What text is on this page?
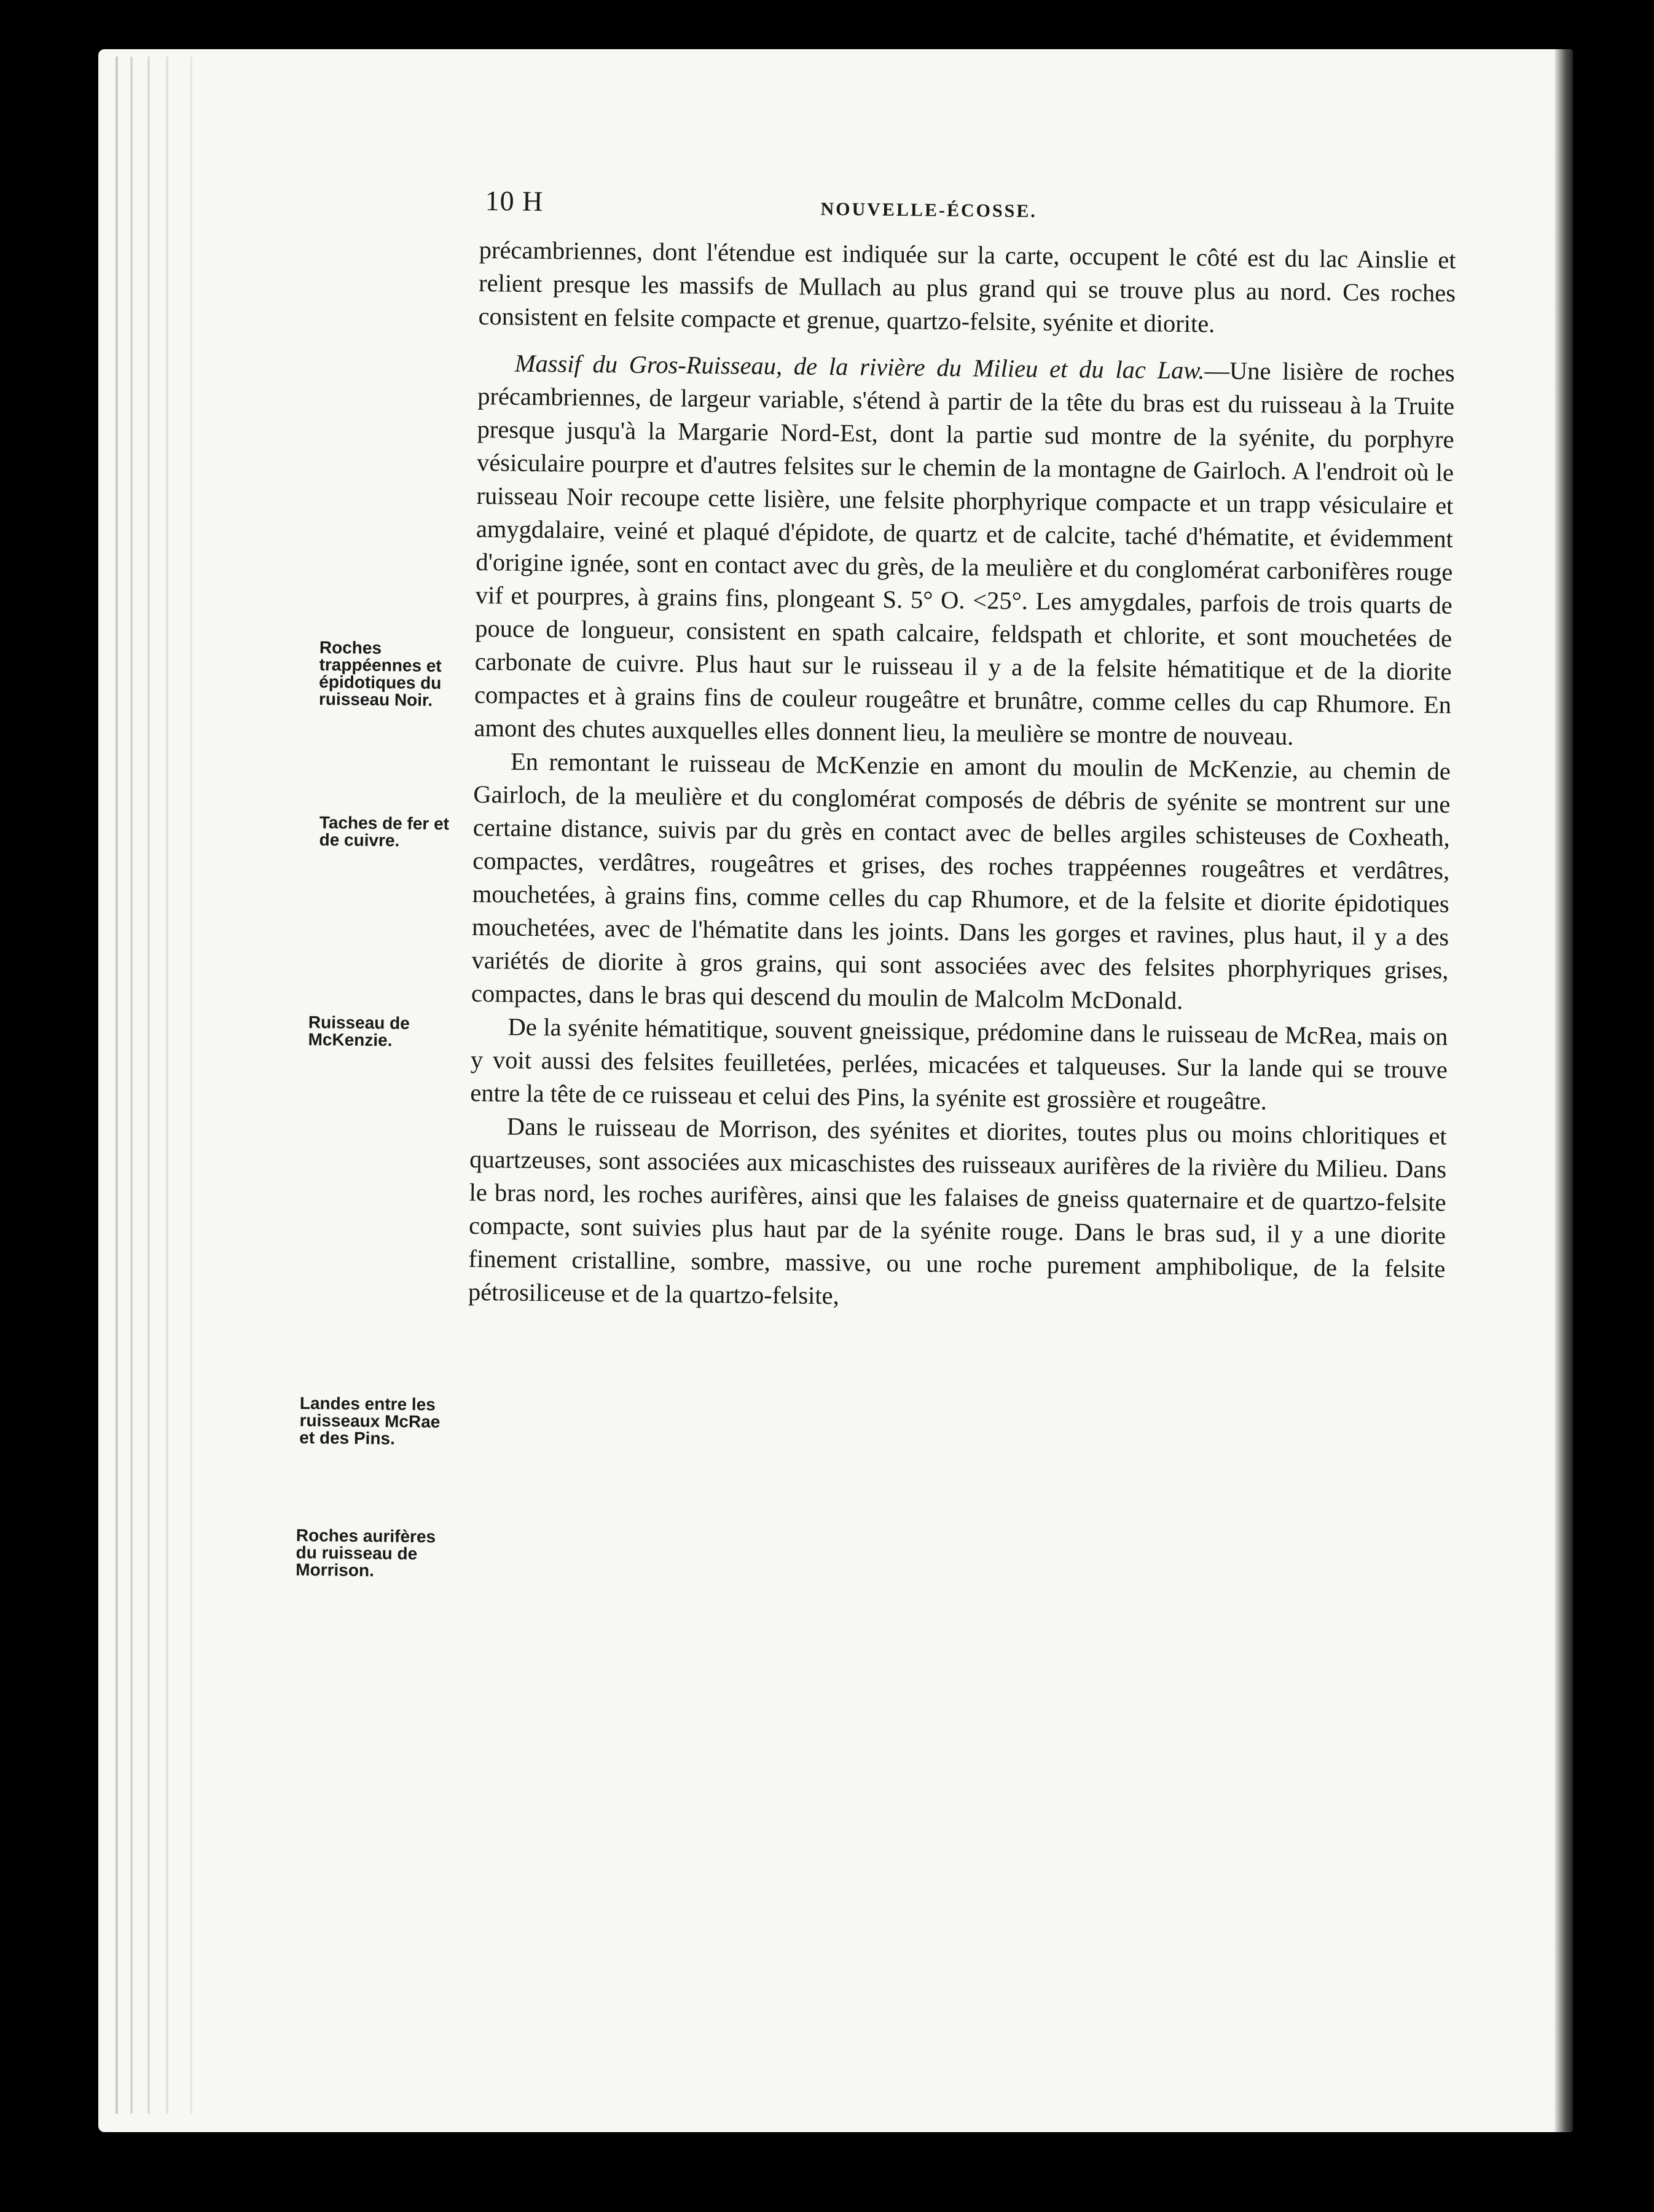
10 H	NOUVELLE-ÉCOSSE.

précambriennes, dont l'étendue est indiquée sur la carte, occupent le côté est du lac Ainslie et relient presque les massifs de Mullach au plus grand qui se trouve plus au nord. Ces roches consistent en felsite compacte et grenue, quartzo-felsite, syénite et diorite.

Massif du Gros-Ruisseau, de la rivière du Milieu et du lac Law.—Une lisière de roches précambriennes, de largeur variable, s'étend à partir de la tête du bras est du ruisseau à la Truite presque jusqu'à la Margarie Nord-Est, dont la partie sud montre de la syénite, du porphyre vésiculaire pourpre et d'autres felsites sur le chemin de la montagne de Gairloch. A l'endroit où le ruisseau Noir recoupe cette lisière, une felsite phorphyrique compacte et un trapp vésiculaire et amygdalaire, veiné et plaqué d'épidote, de quartz et de calcite, taché d'hématite, et évidemment d'origine ignée, sont en contact avec du grès, de la meulière et du conglomérat carbonifères rouge vif et pourpres, à grains fins, plongeant S. 5° O. <25°. Les amygdales, parfois de trois quarts de pouce de longueur, consistent en spath calcaire, feldspath et chlorite, et sont mouchetées de carbonate de cuivre. Plus haut sur le ruisseau il y a de la felsite hématitique et de la diorite compactes et à grains fins de couleur rougeâtre et brunâtre, comme celles du cap Rhumore. En amont des chutes auxquelles elles donnent lieu, la meulière se montre de nouveau.

En remontant le ruisseau de McKenzie en amont du moulin de McKenzie, au chemin de Gairloch, de la meulière et du conglomérat composés de débris de syénite se montrent sur une certaine distance, suivis par du grès en contact avec de belles argiles schisteuses de Coxheath, compactes, verdâtres, rougeâtres et grises, des roches trappéennes rougeâtres et verdâtres, mouchetées, à grains fins, comme celles du cap Rhumore, et de la felsite et diorite épidotiques mouchetées, avec de l'hématite dans les joints. Dans les gorges et ravines, plus haut, il y a des variétés de diorite à gros grains, qui sont associées avec des felsites phorphyriques grises, compactes, dans le bras qui descend du moulin de Malcolm McDonald.

De la syénite hématitique, souvent gneissique, prédomine dans le ruisseau de McRea, mais on y voit aussi des felsites feuilletées, perlées, micacées et talqueuses. Sur la lande qui se trouve entre la tête de ce ruisseau et celui des Pins, la syénite est grossière et rougeâtre.

Dans le ruisseau de Morrison, des syénites et diorites, toutes plus ou moins chloritiques et quartzeuses, sont associées aux micaschistes des ruisseaux aurifères de la rivière du Milieu. Dans le bras nord, les roches aurifères, ainsi que les falaises de gneiss quaternaire et de quartzo-felsite compacte, sont suivies plus haut par de la syénite rouge. Dans le bras sud, il y a une diorite finement cristalline, sombre, massive, ou une roche purement amphibolique, de la felsite pétrosiliceuse et de la quartzo-felsite,

Roches trappéennes et épidotiques du ruisseau Noir.
Taches de fer et de cuivre.
Ruisseau de McKenzie.
Landes entre les ruisseaux McRae et des Pins.
Roches aurifères du ruisseau de Morrison.
